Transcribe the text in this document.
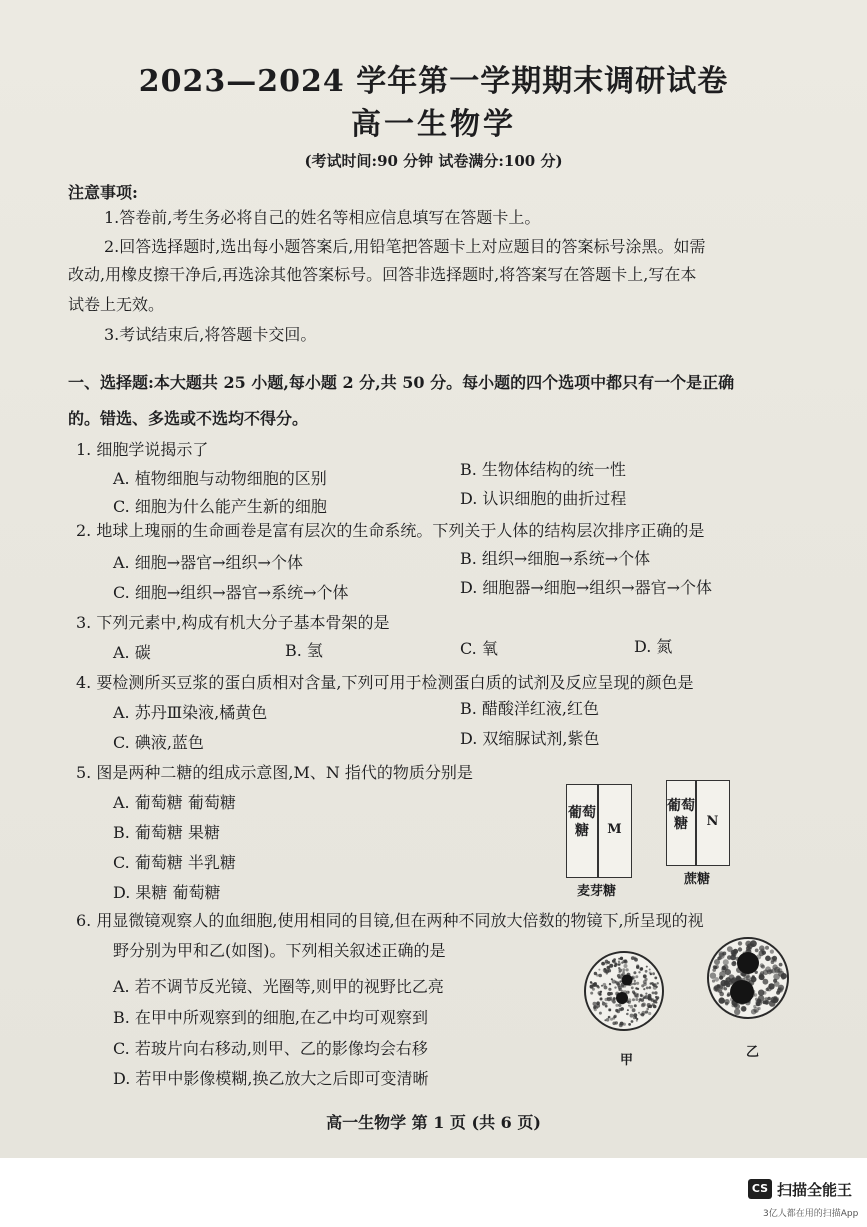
2023—2024 学年第一学期期末调研试卷
高一生物学
(考试时间:90 分钟 试卷满分:100 分)
注意事项:
1.答卷前,考生务必将自己的姓名等相应信息填写在答题卡上。
2.回答选择题时,选出每小题答案后,用铅笔把答题卡上对应题目的答案标号涂黑。如需
改动,用橡皮擦干净后,再选涂其他答案标号。回答非选择题时,将答案写在答题卡上,写在本
试卷上无效。
3.考试结束后,将答题卡交回。
一、选择题:本大题共 25 小题,每小题 2 分,共 50 分。每小题的四个选项中都只有一个是正确
的。错选、多选或不选均不得分。
1. 细胞学说揭示了
A. 植物细胞与动物细胞的区别	B. 生物体结构的统一性
C. 细胞为什么能产生新的细胞	D. 认识细胞的曲折过程
2. 地球上瑰丽的生命画卷是富有层次的生命系统。下列关于人体的结构层次排序正确的是
A. 细胞→器官→组织→个体	B. 组织→细胞→系统→个体
C. 细胞→组织→器官→系统→个体	D. 细胞器→细胞→组织→器官→个体
3. 下列元素中,构成有机大分子基本骨架的是
A. 碳	B. 氢	C. 氧	D. 氮
4. 要检测所买豆浆的蛋白质相对含量,下列可用于检测蛋白质的试剂及反应呈现的颜色是
A. 苏丹Ⅲ染液,橘黄色	B. 醋酸洋红液,红色
C. 碘液,蓝色	D. 双缩脲试剂,紫色
5. 图是两种二糖的组成示意图,M、N 指代的物质分别是
A. 葡萄糖 葡萄糖
B. 葡萄糖 果糖
C. 葡萄糖 半乳糖
D. 果糖 葡萄糖
葡萄糖	M
麦芽糖
葡萄糖	N
蔗糖
6. 用显微镜观察人的血细胞,使用相同的目镜,但在两种不同放大倍数的物镜下,所呈现的视
野分别为甲和乙(如图)。下列相关叙述正确的是
A. 若不调节反光镜、光圈等,则甲的视野比乙亮
B. 在甲中所观察到的细胞,在乙中均可观察到
C. 若玻片向右移动,则甲、乙的影像均会右移
D. 若甲中影像模糊,换乙放大之后即可变清晰
甲
乙
高一生物学 第 1 页 (共 6 页)
CS 扫描全能王
3亿人都在用的扫描App
